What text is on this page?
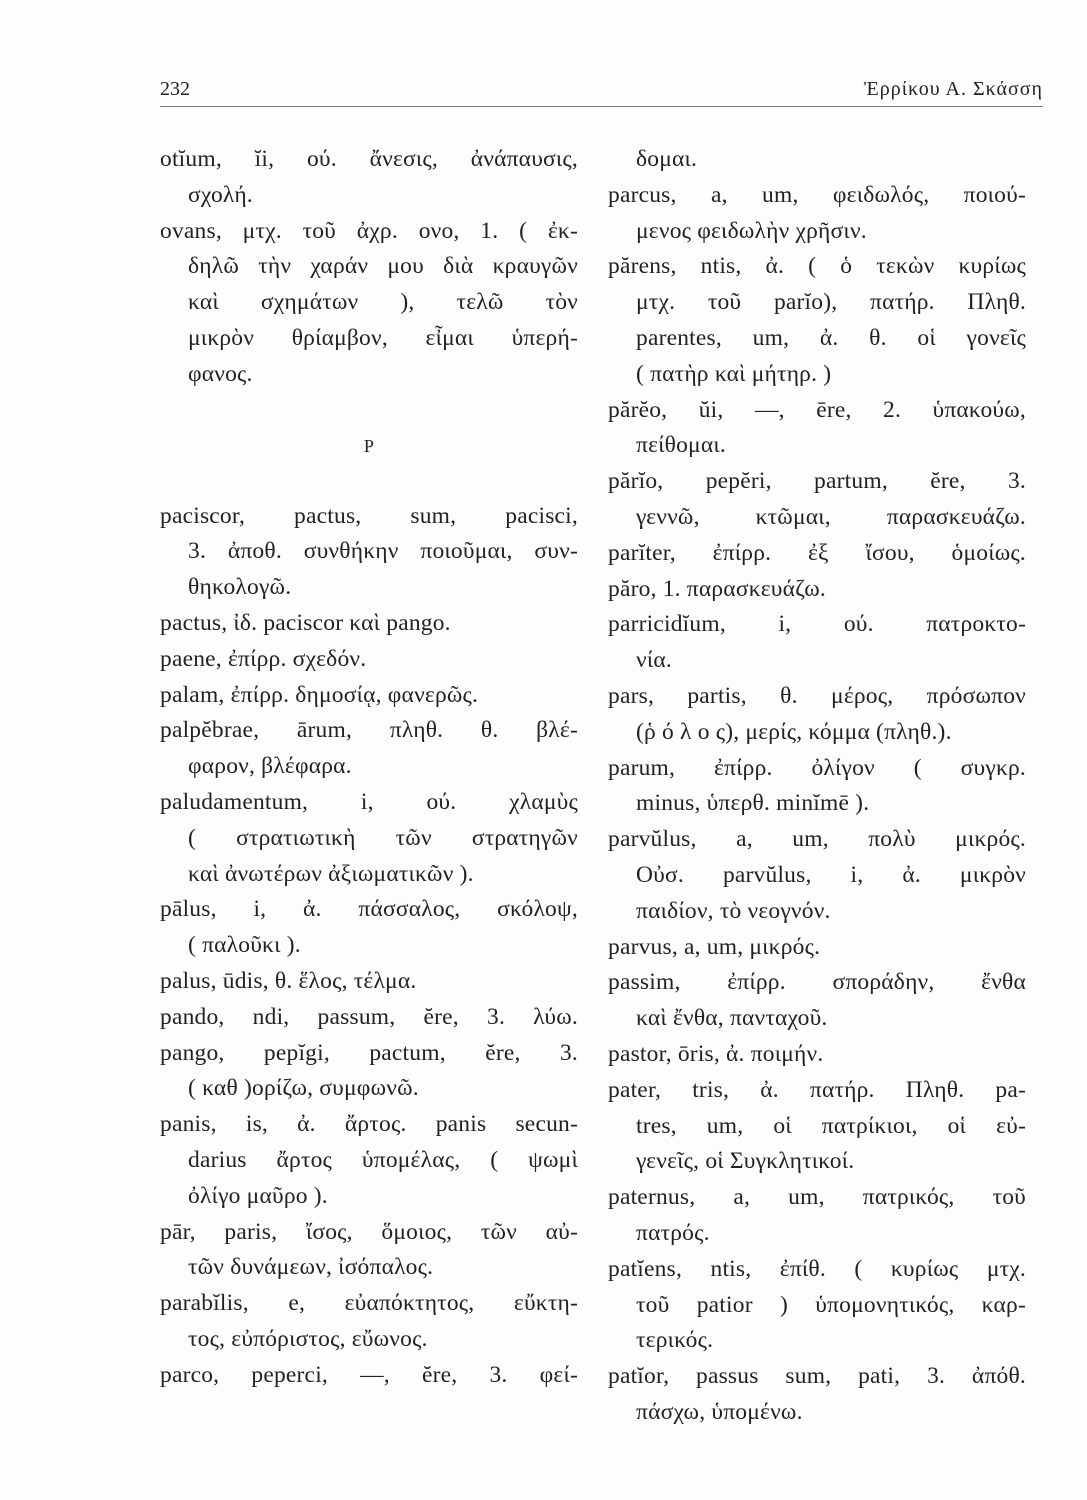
232	Ἐρρίκου Α. Σκάσση
otĭum, ĭi, ού. ἄνεσις, ἀνάπαυσις,
σχολή.
ovans, μτχ. τοῦ ἀχρ. ονο, 1. ( ἐκ-
δηλῶ τὴν χαράν μου διὰ κραυγῶν
καὶ σχημάτων ), τελῶ τὸν
μικρὸν θρίαμβον, εἶμαι ὑπερή-
φανος.
P
paciscor, pactus, sum, pacisci,
3. ἀποθ. συνθήκην ποιοῦμαι, συν-
θηκολογῶ.
pactus, ἰδ. paciscor καὶ pango.
paene, ἐπίρρ. σχεδόν.
palam, ἐπίρρ. δημοσίᾳ, φανερῶς.
palpĕbrae, ārum, πληθ. θ. βλέ-
φαρον, βλέφαρα.
paludamentum, i, ού. χλαμὺς
( στρατιωτικὴ τῶν στρατηγῶν
καὶ ἀνωτέρων ἀξιωματικῶν ).
pālus, i, ἀ. πάσσαλος, σκόλοψ,
( παλοῦκι ).
palus, ūdis, θ. ἕλος, τέλμα.
pando, ndi, passum, ĕre, 3. λύω.
pango, pepĭgi, pactum, ĕre, 3.
( καθ )ορίζω, συμφωνῶ.
panis, is, ἀ. ἄρτος. panis secun-
darius ἄρτος ὑπομέλας, ( ψωμὶ
ὀλίγο μαῦρο ).
pār, paris, ἴσος, ὅμοιος, τῶν αὐ-
τῶν δυνάμεων, ἰσόπαλος.
parabĭlis, e, εὐαπόκτητος, εὔκτη-
τος, εὐπόριστος, εὔωνος.
parco, peperci, —, ĕre, 3. φεί-
δομαι.
parcus, a, um, φειδωλός, ποιού-
μενος φειδωλὴν χρῆσιν.
părens, ntis, ἀ. ( ὁ τεκὼν κυρίως
μτχ. τοῦ parĭo), πατήρ. Πληθ.
parentes, um, ἀ. θ. οἱ γονεῖς
( πατὴρ καὶ μήτηρ. )
părĕo, ŭi, —, ēre, 2. ὑπακούω,
πείθομαι.
părĭo, pepĕri, partum, ĕre, 3.
γεννῶ, κτῶμαι, παρασκευάζω.
parĭter, ἐπίρρ. ἐξ ἴσου, ὁμοίως.
păro, 1. παρασκευάζω.
parricidĭum, i, ού. πατροκτο-
νία.
pars, partis, θ. μέρος, πρόσωπον
(ῥ ό λ ο ς), μερίς, κόμμα (πληθ.).
parum, ἐπίρρ. ὀλίγον ( συγκρ.
minus, ὑπερθ. minĭmē ).
parvŭlus, a, um, πολὺ μικρός.
Οὐσ. parvŭlus, i, ἀ. μικρὸν
παιδίον, τὸ νεογνόν.
parvus, a, um, μικρός.
passim, ἐπίρρ. σποράδην, ἔνθα
καὶ ἔνθα, πανταχοῦ.
pastor, ōris, ἀ. ποιμήν.
pater, tris, ἀ. πατήρ. Πληθ. pa-
tres, um, οἱ πατρίκιοι, οἱ εὐ-
γενεῖς, οἱ Συγκλητικοί.
paternus, a, um, πατρικός, τοῦ
πατρός.
patĭens, ntis, ἐπίθ. ( κυρίως μτχ.
τοῦ patior ) ὑπομονητικός, καρ-
τερικός.
patĭor, passus sum, pati, 3. ἀπόθ.
πάσχω, ὑπομένω.
